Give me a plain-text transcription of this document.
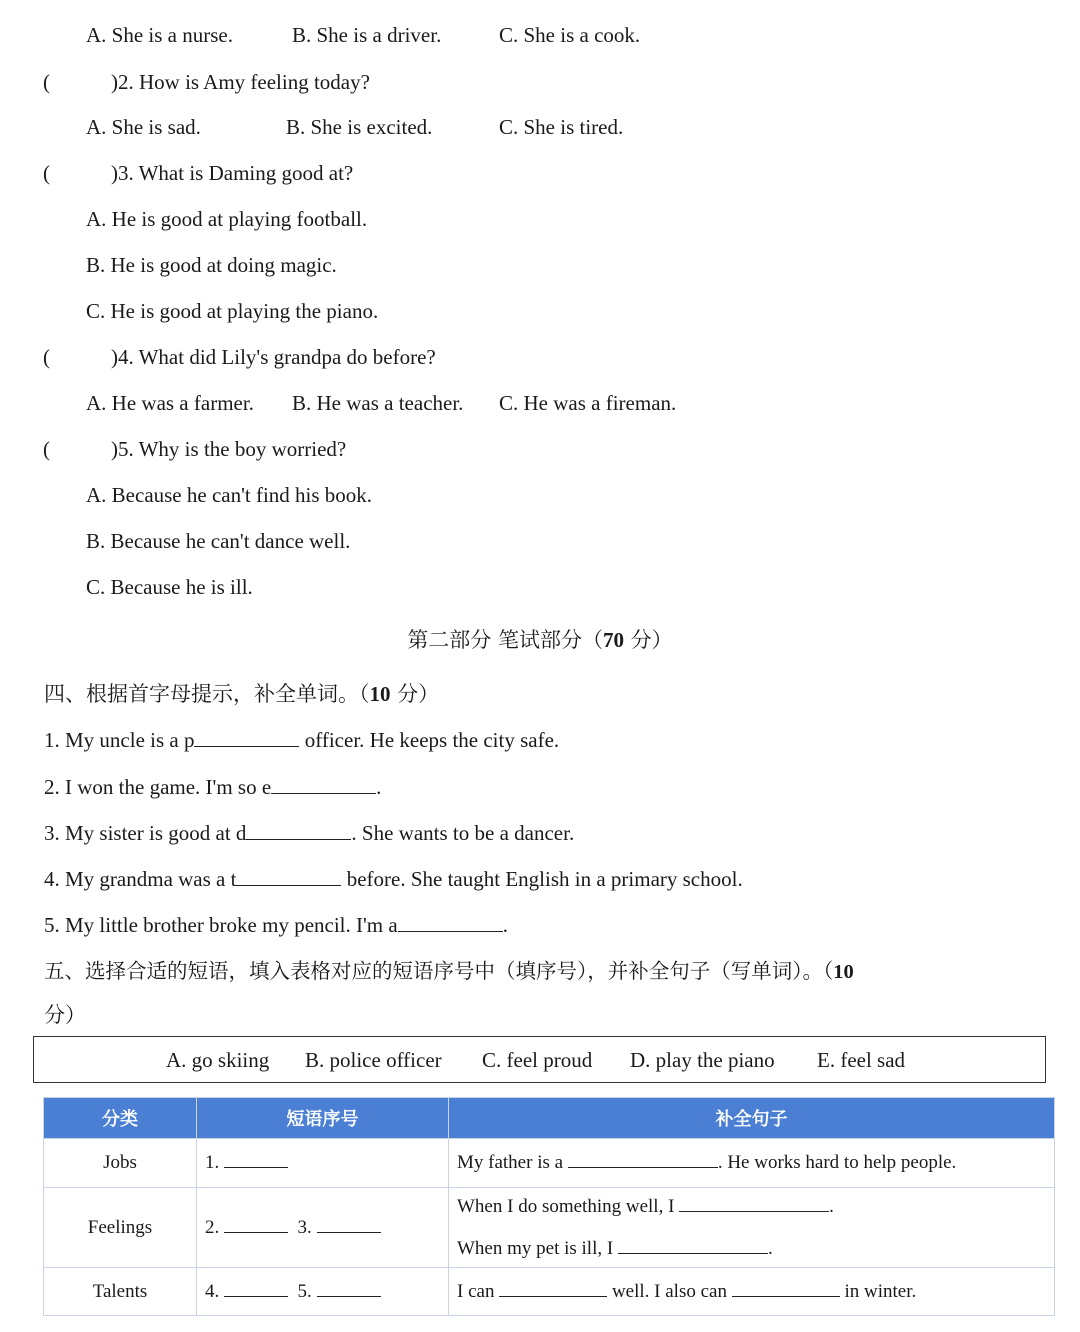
A. She is a nurse.	B. She is a driver.	C. She is a cook.
(	)2. How is Amy feeling today?
A. She is sad.	B. She is excited.	C. She is tired.
(	)3. What is Daming good at?
A. He is good at playing football.
B. He is good at doing magic.
C. He is good at playing the piano.
(	)4. What did Lily's grandpa do before?
A. He was a farmer. B. He was a teacher. C. He was a fireman.
(	)5. Why is the boy worried?
A. Because he can't find his book.
B. Because he can't dance well.
C. Because he is ill.
第二部分 笔试部分（70 分）
四、根据首字母提示，补全单词。（10 分）
1. My uncle is a p	officer. He keeps the city safe.
2. I won the game. I'm so e	.
3. My sister is good at d	. She wants to be a dancer.
4. My grandma was a t	before. She taught English in a primary school.
5. My little brother broke my pencil. I'm a	.
五、选择合适的短语，填入表格对应的短语序号中（填序号），并补全句子（写单词）。（10
分）
A. go skiing B. police officer C. feel proud D. play the piano E. feel sad
分类	短语序号	补全句子
Jobs	1.	My father is a . He works hard to help people.
Feelings	2. 3.	When I do something well, I .
When my pet is ill, I .

Talents	4. 5.	I can well. I also can in winter.
